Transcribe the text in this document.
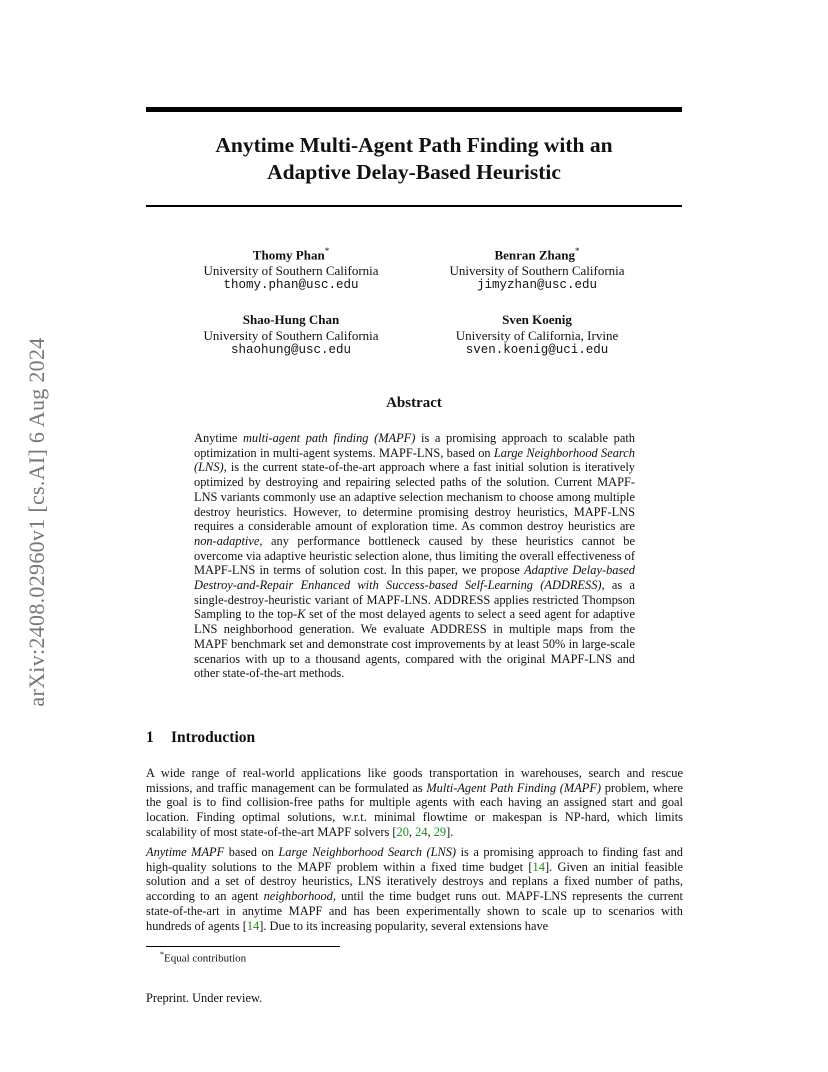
arXiv:2408.02960v1 [cs.AI] 6 Aug 2024
Anytime Multi-Agent Path Finding with an
Adaptive Delay-Based Heuristic
Thomy Phan*
University of Southern California
thomy.phan@usc.edu
Benran Zhang*
University of Southern California
jimyzhan@usc.edu
Shao-Hung Chan
University of Southern California
shaohung@usc.edu
Sven Koenig
University of California, Irvine
sven.koenig@uci.edu
Abstract
Anytime multi-agent path finding (MAPF) is a promising approach to scalable path optimization in multi-agent systems. MAPF-LNS, based on Large Neighborhood Search (LNS), is the current state-of-the-art approach where a fast initial solution is iteratively optimized by destroying and repairing selected paths of the solution. Current MAPF-LNS variants commonly use an adaptive selection mechanism to choose among multiple destroy heuristics. However, to determine promising destroy heuristics, MAPF-LNS requires a considerable amount of exploration time. As common destroy heuristics are non-adaptive, any performance bottleneck caused by these heuristics cannot be overcome via adaptive heuristic selection alone, thus limiting the overall effectiveness of MAPF-LNS in terms of solution cost. In this paper, we propose Adaptive Delay-based Destroy-and-Repair Enhanced with Success-based Self-Learning (ADDRESS), as a single-destroy-heuristic variant of MAPF-LNS. ADDRESS applies restricted Thompson Sampling to the top-K set of the most delayed agents to select a seed agent for adaptive LNS neighborhood generation. We evaluate ADDRESS in multiple maps from the MAPF benchmark set and demonstrate cost improvements by at least 50% in large-scale scenarios with up to a thousand agents, compared with the original MAPF-LNS and other state-of-the-art methods.
1 Introduction
A wide range of real-world applications like goods transportation in warehouses, search and rescue missions, and traffic management can be formulated as Multi-Agent Path Finding (MAPF) problem, where the goal is to find collision-free paths for multiple agents with each having an assigned start and goal location. Finding optimal solutions, w.r.t. minimal flowtime or makespan is NP-hard, which limits scalability of most state-of-the-art MAPF solvers [20, 24, 29].
Anytime MAPF based on Large Neighborhood Search (LNS) is a promising approach to finding fast and high-quality solutions to the MAPF problem within a fixed time budget [14]. Given an initial feasible solution and a set of destroy heuristics, LNS iteratively destroys and replans a fixed number of paths, according to an agent neighborhood, until the time budget runs out. MAPF-LNS represents the current state-of-the-art in anytime MAPF and has been experimentally shown to scale up to scenarios with hundreds of agents [14]. Due to its increasing popularity, several extensions have
*Equal contribution
Preprint. Under review.
